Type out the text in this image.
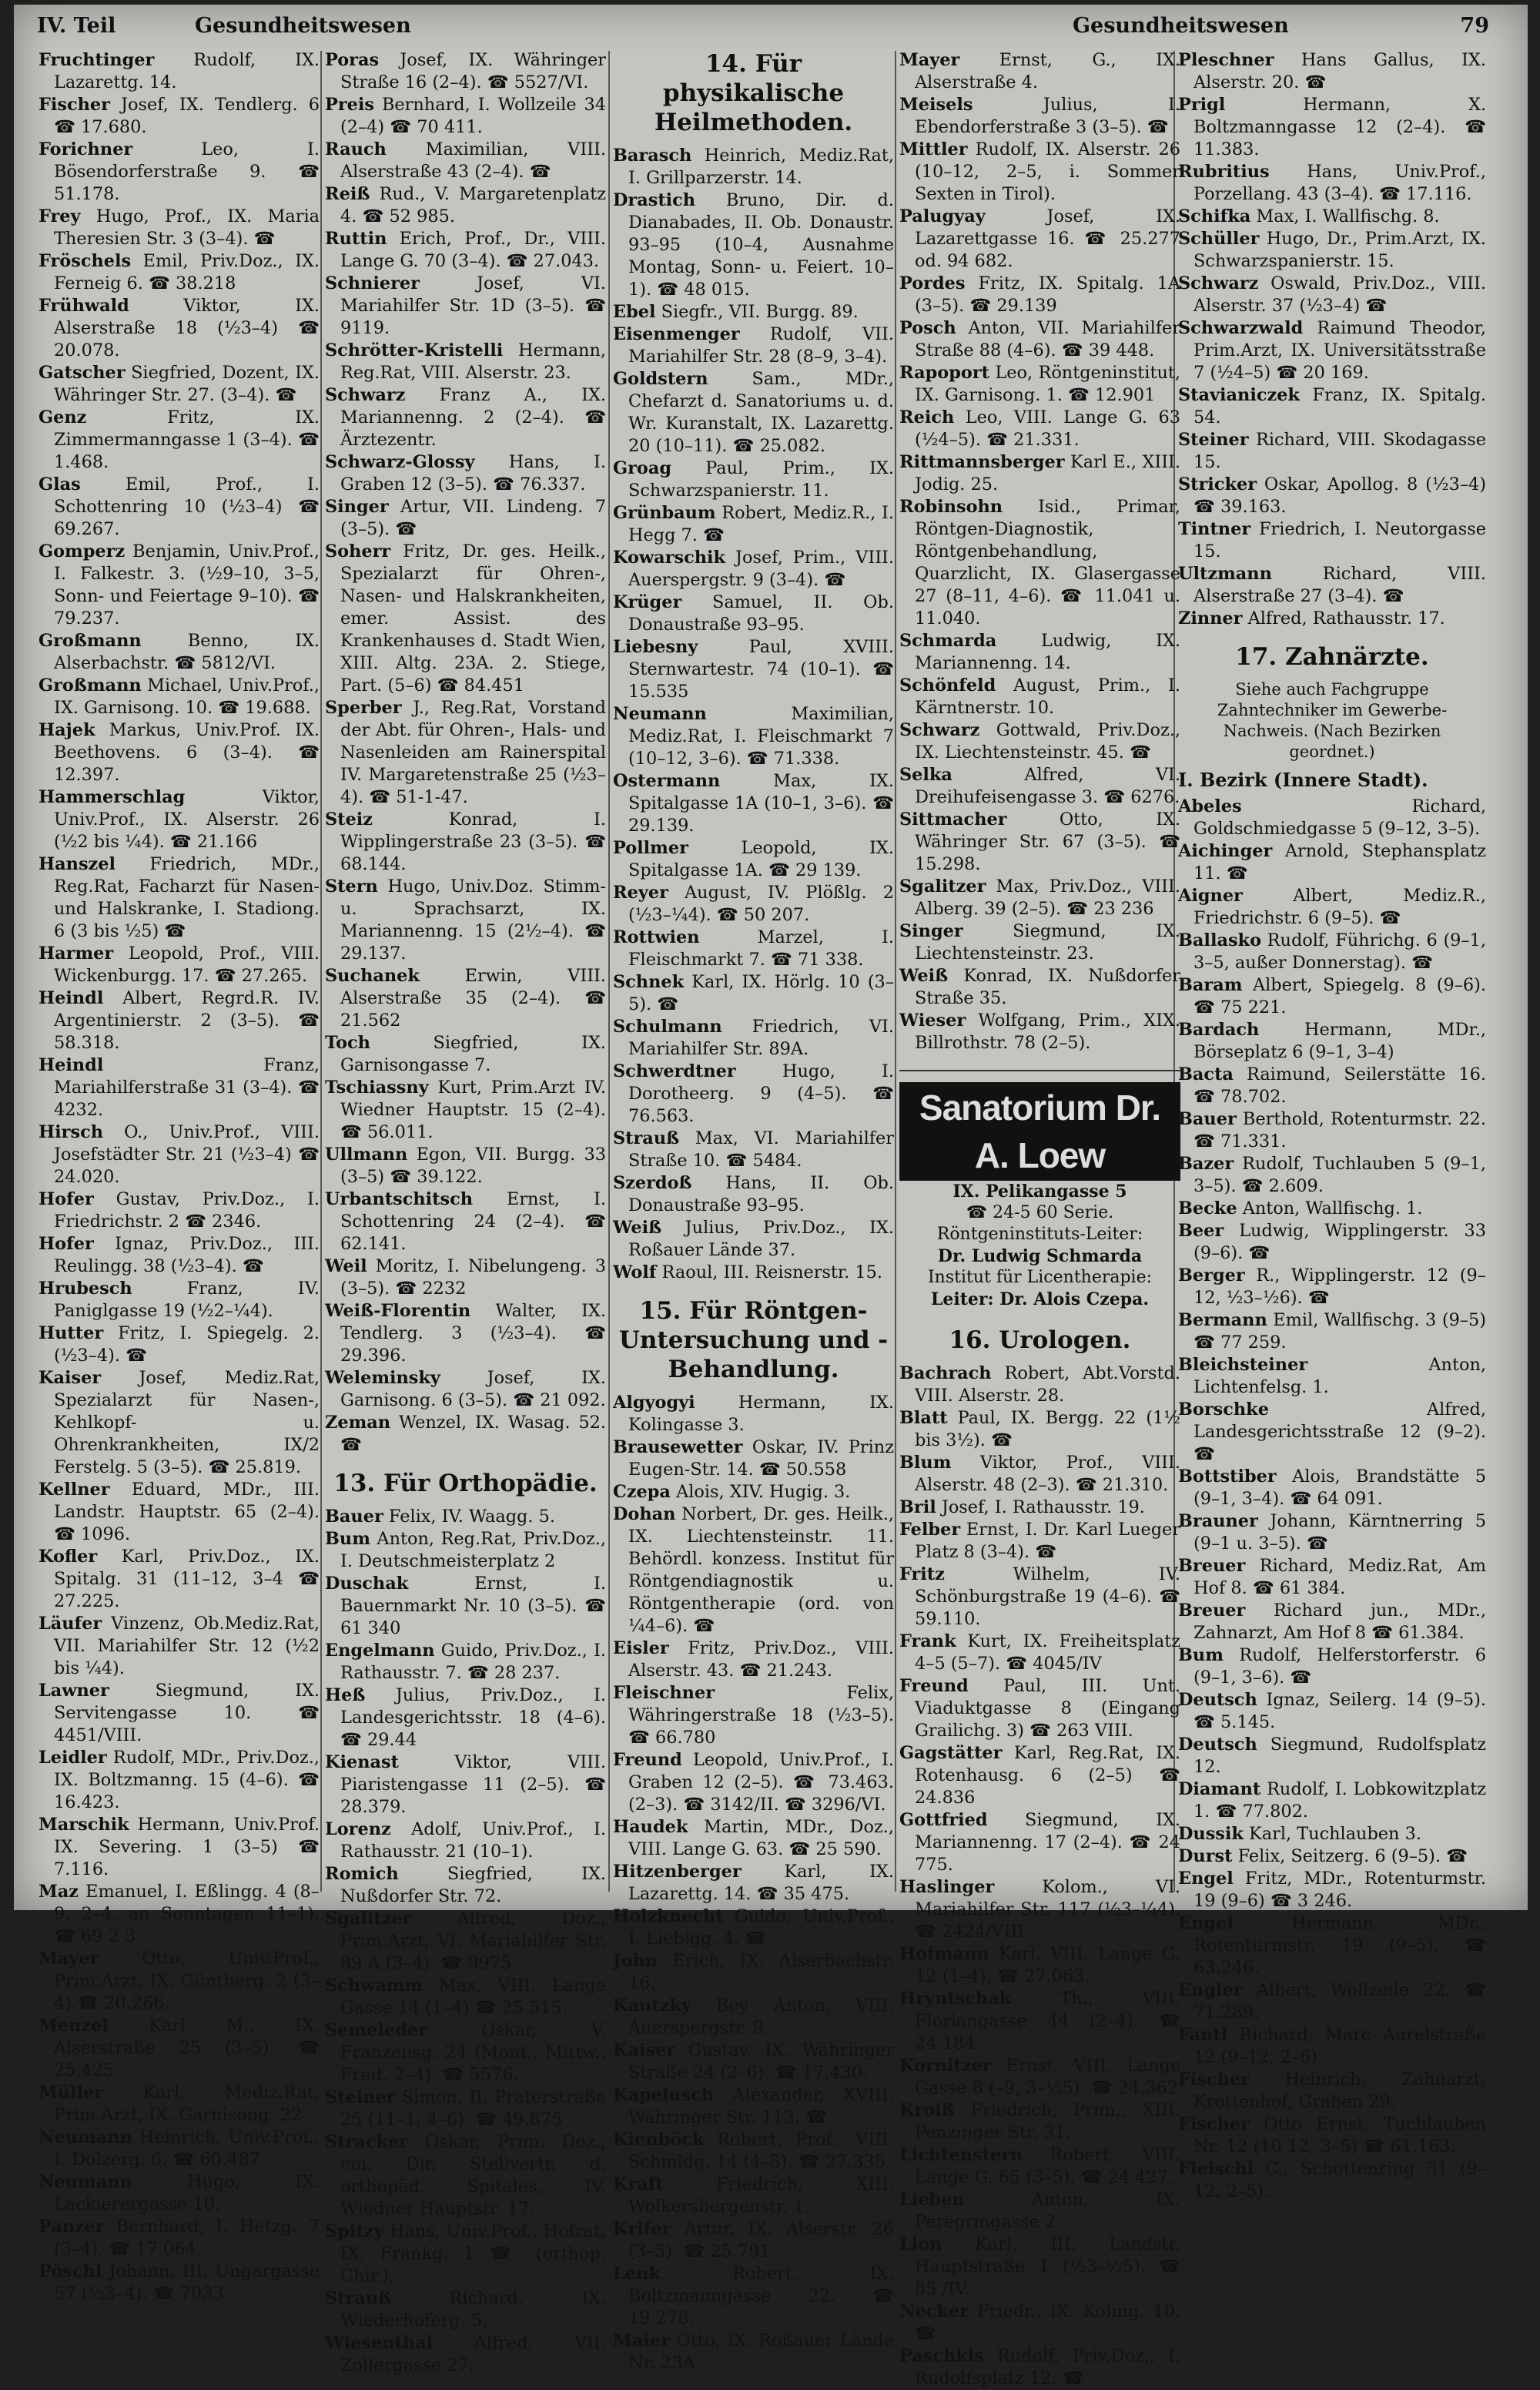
IV. Teil	Gesundheitswesen	Gesundheitswesen	79

Fruchtinger Rudolf, IX. Lazarettg. 14.

Fischer Josef, IX. Tendlerg. 6 ☎ 17.680.

Forichner Leo, I. Bösendorferstraße 9. ☎ 51.178.

Frey Hugo, Prof., IX. Maria Theresien Str. 3 (3–4). ☎

Fröschels Emil, Priv.Doz., IX. Ferneig 6. ☎ 38.218

Frühwald Viktor, IX. Alserstraße 18 (½3–4) ☎ 20.078.

Gatscher Siegfried, Dozent, IX. Währinger Str. 27. (3–4). ☎

Genz Fritz, IX. Zimmermanngasse 1 (3–4). ☎ 1.468.

Glas Emil, Prof., I. Schottenring 10 (½3–4) ☎ 69.267.

Gomperz Benjamin, Univ.Prof., I. Falkestr. 3. (½9–10, 3–5, Sonn- und Feiertage 9–10). ☎ 79.237.

Großmann Benno, IX. Alserbachstr. ☎ 5812/VI.

Großmann Michael, Univ.Prof., IX. Garnisong. 10. ☎ 19.688.

Hajek Markus, Univ.Prof. IX. Beethovens. 6 (3–4). ☎ 12.397.

Hammerschlag Viktor, Univ.Prof., IX. Alserstr. 26 (½2 bis ¼4). ☎ 21.166

Hanszel Friedrich, MDr., Reg.Rat, Facharzt für Nasen- und Halskranke, I. Stadiong. 6 (3 bis ½5) ☎

Harmer Leopold, Prof., VIII. Wickenburgg. 17. ☎ 27.265.

Heindl Albert, Regrd.R. IV. Argentinierstr. 2 (3–5). ☎ 58.318.

Heindl Franz, Mariahilferstraße 31 (3–4). ☎ 4232.

Hirsch O., Univ.Prof., VIII. Josefstädter Str. 21 (½3–4) ☎ 24.020.

Hofer Gustav, Priv.Doz., I. Friedrichstr. 2 ☎ 2346.

Hofer Ignaz, Priv.Doz., III. Reulingg. 38 (½3–4). ☎

Hrubesch Franz, IV. Paniglgasse 19 (½2–¼4).

Hutter Fritz, I. Spiegelg. 2. (½3–4). ☎

Kaiser Josef, Mediz.Rat, Spezialarzt für Nasen-, Kehlkopf- u. Ohrenkrankheiten, IX/2 Ferstelg. 5 (3–5). ☎ 25.819.

Kellner Eduard, MDr., III. Landstr. Hauptstr. 65 (2–4). ☎ 1096.

Kofler Karl, Priv.Doz., IX. Spitalg. 31 (11–12, 3–4 ☎ 27.225.

Läufer Vinzenz, Ob.Mediz.Rat, VII. Mariahilfer Str. 12 (½2 bis ¼4).

Lawner Siegmund, IX. Servitengasse 10. ☎ 4451/VIII.

Leidler Rudolf, MDr., Priv.Doz., IX. Boltzmanng. 15 (4–6). ☎ 16.423.

Marschik Hermann, Univ.Prof. IX. Severing. 1 (3–5) ☎ 7.116.

Maz Emanuel, I. Eßlingg. 4 (8–9, 2–4, an Sonntagen 11–1). ☎ 69 2 3.

Mayer Otto, Univ.Prof., Prim.Arzt, IX. Güntherg. 2 (3–4) ☎ 20.266.

Menzel Karl M., IX. Alserstraße 25 (3–5). ☎ 25.425

Müller Karl, Mediz.Rat, Prim.Arzt, IX. Garnisong. 22

Neumann Heinrich, Univ.Prof., I. Dolzerg. 6. ☎ 60.487

Neumann Hugo, IX. Lackierergasse 10.

Panzer Bernhard, I. Hetzg. 7 (3–4). ☎ 17 064.

Pöschl Johann, III. Ungargasse 57 (½3–4). ☎ 7033.

Poras Josef, IX. Währinger Straße 16 (2–4). ☎ 5527/VI.

Preis Bernhard, I. Wollzeile 34 (2–4) ☎ 70 411.

Rauch Maximilian, VIII. Alserstraße 43 (2–4). ☎

Reiß Rud., V. Margaretenplatz 4. ☎ 52 985.

Ruttin Erich, Prof., Dr., VIII. Lange G. 70 (3–4). ☎ 27.043.

Schnierer Josef, VI. Mariahilfer Str. 1D (3–5). ☎ 9119.

Schrötter-Kristelli Hermann, Reg.Rat, VIII. Alserstr. 23.

Schwarz Franz A., IX. Mariannenng. 2 (2–4). ☎ Ärztezentr.

Schwarz-Glossy Hans, I. Graben 12 (3–5). ☎ 76.337.

Singer Artur, VII. Lindeng. 7 (3–5). ☎

Soherr Fritz, Dr. ges. Heilk., Spezialarzt für Ohren-, Nasen- und Halskrankheiten, emer. Assist. des Krankenhauses d. Stadt Wien, XIII. Altg. 23A. 2. Stiege, Part. (5–6) ☎ 84.451

Sperber J., Reg.Rat, Vorstand der Abt. für Ohren-, Hals- und Nasenleiden am Rainerspital IV. Margaretenstraße 25 (½3–4). ☎ 51-1-47.

Steiz Konrad, I. Wipplingerstraße 23 (3–5). ☎ 68.144.

Stern Hugo, Univ.Doz. Stimm- u. Sprachsarzt, IX. Mariannenng. 15 (2½–4). ☎ 29.137.

Suchanek Erwin, VIII. Alserstraße 35 (2–4). ☎ 21.562

Toch Siegfried, IX. Garnisongasse 7.

Tschiassny Kurt, Prim.Arzt IV. Wiedner Hauptstr. 15 (2–4). ☎ 56.011.

Ullmann Egon, VII. Burgg. 33 (3–5) ☎ 39.122.

Urbantschitsch Ernst, I. Schottenring 24 (2–4). ☎ 62.141.

Weil Moritz, I. Nibelungeng. 3 (3–5). ☎ 2232

Weiß-Florentin Walter, IX. Tendlerg. 3 (½3–4). ☎ 29.396.

Weleminsky Josef, IX. Garnisong. 6 (3–5). ☎ 21 092.

Zeman Wenzel, IX. Wasag. 52. ☎

13. Für Orthopädie.

Bauer Felix, IV. Waagg. 5.

Bum Anton, Reg.Rat, Priv.Doz., I. Deutschmeisterplatz 2

Duschak Ernst, I. Bauernmarkt Nr. 10 (3–5). ☎ 61 340

Engelmann Guido, Priv.Doz., I. Rathausstr. 7. ☎ 28 237.

Heß Julius, Priv.Doz., I. Landesgerichtsstr. 18 (4–6). ☎ 29.44

Kienast Viktor, VIII. Piaristengasse 11 (2–5). ☎ 28.379.

Lorenz Adolf, Univ.Prof., I. Rathausstr. 21 (10–1).

Romich Siegfried, IX. Nußdorfer Str. 72.

Sgalitzer Alfred, Doz., Prim.Arzt, VI. Mariahilfer Str. 89 A (3–4). ☎ 9975.

Schwamm Max, VIII. Lange Gasse 14 (1–4) ☎ 25 515.

Semeleder Oskar, V. Franzensg. 24 (Mont., Mittw., Freit. 2–4). ☎ 5576.

Steiner Simon, II. Praterstraße 25 (11–1, 4–6). ☎ 49.875

Stracker Oskar, Prim. Doz., em. Dir. Stellvertr. d. orthopäd. Spitales, IV. Wiedner Hauptstr. 17.

Spitzy Hans, Univ.Prof., Hofrat, IX. Frankg. 1 ☎ (orthop. Chir.).

Strauß Richard, IX. Wiederhoferg. 5.

Wiesenthal Alfred, VII. Zollergasse 27.

14. Für physikalische Heilmethoden.

Barasch Heinrich, Mediz.Rat, I. Grillparzerstr. 14.

Drastich Bruno, Dir. d. Dianabades, II. Ob. Donaustr. 93–95 (10–4, Ausnahme Montag, Sonn- u. Feiert. 10–1). ☎ 48 015.

Ebel Siegfr., VII. Burgg. 89.

Eisenmenger Rudolf, VII. Mariahilfer Str. 28 (8–9, 3–4).

Goldstern Sam., MDr., Chefarzt d. Sanatoriums u. d. Wr. Kuranstalt, IX. Lazarettg. 20 (10–11). ☎ 25.082.

Groag Paul, Prim., IX. Schwarzspanierstr. 11.

Grünbaum Robert, Mediz.R., I. Hegg 7. ☎

Kowarschik Josef, Prim., VIII. Auerspergstr. 9 (3–4). ☎

Krüger Samuel, II. Ob. Donaustraße 93–95.

Liebesny Paul, XVIII. Sternwartestr. 74 (10–1). ☎ 15.535

Neumann Maximilian, Mediz.Rat, I. Fleischmarkt 7 (10–12, 3–6). ☎ 71.338.

Ostermann Max, IX. Spitalgasse 1A (10–1, 3–6). ☎ 29.139.

Pollmer Leopold, IX. Spitalgasse 1A. ☎ 29 139.

Reyer August, IV. Plößlg. 2 (½3–¼4). ☎ 50 207.

Rottwien Marzel, I. Fleischmarkt 7. ☎ 71 338.

Schnek Karl, IX. Hörlg. 10 (3–5). ☎

Schulmann Friedrich, VI. Mariahilfer Str. 89A.

Schwerdtner Hugo, I. Dorotheerg. 9 (4–5). ☎ 76.563.

Strauß Max, VI. Mariahilfer Straße 10. ☎ 5484.

Szerdoß Hans, II. Ob. Donaustraße 93–95.

Weiß Julius, Priv.Doz., IX. Roßauer Lände 37.

Wolf Raoul, III. Reisnerstr. 15.

15. Für Röntgen-Untersuchung und -Behandlung.

Algyogyi Hermann, IX. Kolingasse 3.

Brausewetter Oskar, IV. Prinz Eugen-Str. 14. ☎ 50.558

Czepa Alois, XIV. Hugig. 3.

Dohan Norbert, Dr. ges. Heilk., IX. Liechtensteinstr. 11. Behördl. konzess. Institut für Röntgendiagnostik u. Röntgentherapie (ord. von ¼4–6). ☎

Eisler Fritz, Priv.Doz., VIII. Alserstr. 43. ☎ 21.243.

Fleischner Felix, Währingerstraße 18 (½3–5). ☎ 66.780

Freund Leopold, Univ.Prof., I. Graben 12 (2–5). ☎ 73.463. (2–3). ☎ 3142/II. ☎ 3296/VI.

Haudek Martin, MDr., Doz., VIII. Lange G. 63. ☎ 25 590.

Hitzenberger Karl, IX. Lazarettg. 14. ☎ 35 475.

Holzknecht Guido, Univ.Prof., I. Liebigg. 4. ☎

John Erich, IX. Alserbachstr. 16.

Kautzky Bey Anton, VIII. Auerspergstr. 9.

Kaiser Gustav, IX. Währinger Straße 24 (2–6). ☎ 17.430.

Kapelusch Alexander, XVIII. Währinger Str. 113. ☎

Kienböck Robert, Prof., VIII. Schmidg. 14 (4–5). ☎ 27.335.

Kraft Friedrich, XIII. Wolkersbergenstr. 1.

Krifer Artur, IX. Alserstr. 26 (3–5). ☎ 25.791.

Lenk Robert, IX. Boltzmanngasse 22. ☎ 19.278.

Maier Otto, IX. Roßauer Lände Nr. 23A.

Mayer Ernst, G., IX. Alserstraße 4.

Meisels Julius, I. Ebendorferstraße 3 (3–5). ☎

Mittler Rudolf, IX. Alserstr. 26 (10–12, 2–5, i. Sommer Sexten in Tirol).

Palugyay Josef, IX. Lazarettgasse 16. ☎ 25.277 od. 94 682.

Pordes Fritz, IX. Spitalg. 1A (3–5). ☎ 29.139

Posch Anton, VII. Mariahilfer Straße 88 (4–6). ☎ 39 448.

Rapoport Leo, Röntgeninstitut, IX. Garnisong. 1. ☎ 12.901

Reich Leo, VIII. Lange G. 63 (½4–5). ☎ 21.331.

Rittmannsberger Karl E., XIII. Jodig. 25.

Robinsohn Isid., Primar, Röntgen-Diagnostik, Röntgenbehandlung, Quarzlicht, IX. Glasergasse 27 (8–11, 4–6). ☎ 11.041 u. 11.040.

Schmarda Ludwig, IX. Mariannenng. 14.

Schönfeld August, Prim., I. Kärntnerstr. 10.

Schwarz Gottwald, Priv.Doz., IX. Liechtensteinstr. 45. ☎

Selka Alfred, VI. Dreihufeisengasse 3. ☎ 6276.

Sittmacher Otto, IX. Währinger Str. 67 (3–5). ☎ 15.298.

Sgalitzer Max, Priv.Doz., VIII. Alberg. 39 (2–5). ☎ 23 236

Singer Siegmund, IX. Liechtensteinstr. 23.

Weiß Konrad, IX. Nußdorfer Straße 35.

Wieser Wolfgang, Prim., XIX. Billrothstr. 78 (2–5).

Sanatorium Dr. A. Loew
IX. Pelikangasse 5
☎ 24-5 60 Serie.
Röntgeninstituts-Leiter:
Dr. Ludwig Schmarda
Institut für Licentherapie:
Leiter: Dr. Alois Czepa.
16. Urologen.

Bachrach Robert, Abt.Vorstd. VIII. Alserstr. 28.

Blatt Paul, IX. Bergg. 22 (1½ bis 3½). ☎

Blum Viktor, Prof., VIII. Alserstr. 48 (2–3). ☎ 21.310.

Bril Josef, I. Rathausstr. 19.

Felber Ernst, I. Dr. Karl Lueger Platz 8 (3–4). ☎

Fritz Wilhelm, IV. Schönburgstraße 19 (4–6). ☎ 59.110.

Frank Kurt, IX. Freiheitsplatz 4–5 (5–7). ☎ 4045/IV

Freund Paul, III. Unt. Viaduktgasse 8 (Eingang Grailichg. 3) ☎ 263 VIII.

Gagstätter Karl, Reg.Rat, IX. Rotenhausg. 6 (2–5) ☎ 24.836

Gottfried Siegmund, IX. Mariannenng. 17 (2–4). ☎ 24 775.

Haslinger Kolom., VI. Mariahilfer Str. 117 (½3–¼4). ☎ 2424/VIII.

Hofmann Karl, VIII. Lange G. 12 (1–4). ☎ 27.063.

Hryntschak Th., VIII. Floriangasse 44 (2–4). ☎ 24.184.

Kornitzer Ernst, VIII. Lange Gasse 8 (–9, 3–½5). ☎ 24.362

Kroiß Friedrich, Prim., XIII. Penzinger Str. 31.

Lichtenstern Robert, VIII. Lange G. 65 (3–5). ☎ 24 427.

Lieben Anton, IX. Peregringasse 2.

Lion Karl, III. Landstr. Hauptstraße 1 (½3–½5). ☎ 85 /IV.

Necker Friedr., IX. Koling. 10. ☎

Paschkis Rudolf, Priv.Doz., I. Rudolfsplatz 12. ☎

Pleschner Hans Gallus, IX. Alserstr. 20. ☎

Prigl Hermann, X. Boltzmanngasse 12 (2–4). ☎ 11.383.

Rubritius Hans, Univ.Prof., Porzellang. 43 (3–4). ☎ 17.116.

Schifka Max, I. Wallfischg. 8.

Schüller Hugo, Dr., Prim.Arzt, IX. Schwarzspanierstr. 15.

Schwarz Oswald, Priv.Doz., VIII. Alserstr. 37 (½3–4) ☎

Schwarzwald Raimund Theodor, Prim.Arzt, IX. Universitätsstraße 7 (½4–5) ☎ 20 169.

Stavianiczek Franz, IX. Spitalg. 54.

Steiner Richard, VIII. Skodagasse 15.

Stricker Oskar, Apollog. 8 (½3–4) ☎ 39.163.

Tintner Friedrich, I. Neutorgasse 15.

Ultzmann Richard, VIII. Alserstraße 27 (3–4). ☎

Zinner Alfred, Rathausstr. 17.

17. Zahnärzte.
Siehe auch Fachgruppe Zahntechniker im Gewerbe-Nachweis. (Nach Bezirken geordnet.)
I. Bezirk (Innere Stadt).

Abeles Richard, Goldschmiedgasse 5 (9–12, 3–5).

Aichinger Arnold, Stephansplatz 11. ☎

Aigner Albert, Mediz.R., Friedrichstr. 6 (9–5). ☎

Ballasko Rudolf, Führichg. 6 (9–1, 3–5, außer Donnerstag). ☎

Baram Albert, Spiegelg. 8 (9–6). ☎ 75 221.

Bardach Hermann, MDr., Börseplatz 6 (9–1, 3–4)

Bacta Raimund, Seilerstätte 16. ☎ 78.702.

Bauer Berthold, Rotenturmstr. 22. ☎ 71.331.

Bazer Rudolf, Tuchlauben 5 (9–1, 3–5). ☎ 2.609.

Becke Anton, Wallfischg. 1.

Beer Ludwig, Wipplingerstr. 33 (9–6). ☎

Berger R., Wipplingerstr. 12 (9–12, ½3–½6). ☎

Bermann Emil, Wallfischg. 3 (9–5) ☎ 77 259.

Bleichsteiner Anton, Lichtenfelsg. 1.

Borschke Alfred, Landesgerichtsstraße 12 (9–2). ☎

Bottstiber Alois, Brandstätte 5 (9–1, 3–4). ☎ 64 091.

Brauner Johann, Kärntnerring 5 (9–1 u. 3–5). ☎

Breuer Richard, Mediz.Rat, Am Hof 8. ☎ 61 384.

Breuer Richard jun., MDr., Zahnarzt, Am Hof 8 ☎ 61.384.

Bum Rudolf, Helferstorferstr. 6 (9–1, 3–6). ☎

Deutsch Ignaz, Seilerg. 14 (9–5). ☎ 5.145.

Deutsch Siegmund, Rudolfsplatz 12.

Diamant Rudolf, I. Lobkowitzplatz 1. ☎ 77.802.

Dussik Karl, Tuchlauben 3.

Durst Felix, Seitzerg. 6 (9–5). ☎

Engel Fritz, MDr., Rotenturmstr. 19 (9–6) ☎ 3 246.

Engel Hermann, MDr., Rotenturmstr. 19 (9–5). ☎ 63.246.

Engler Albert, Wollzeile 22. ☎ 71.289.

Fantl Richard, Marc Aurelstraße 12 (9–12, 2–6).

Fischer Heinrich, Zahnarzt, Krottenhof, Graben 29.

Fischer Otto Ernst, Tuchlauben Nr. 12 (10 12, 3–5) ☎ 61.163.

Fleischl C., Schottenring 31 (9–12, 2–5).
